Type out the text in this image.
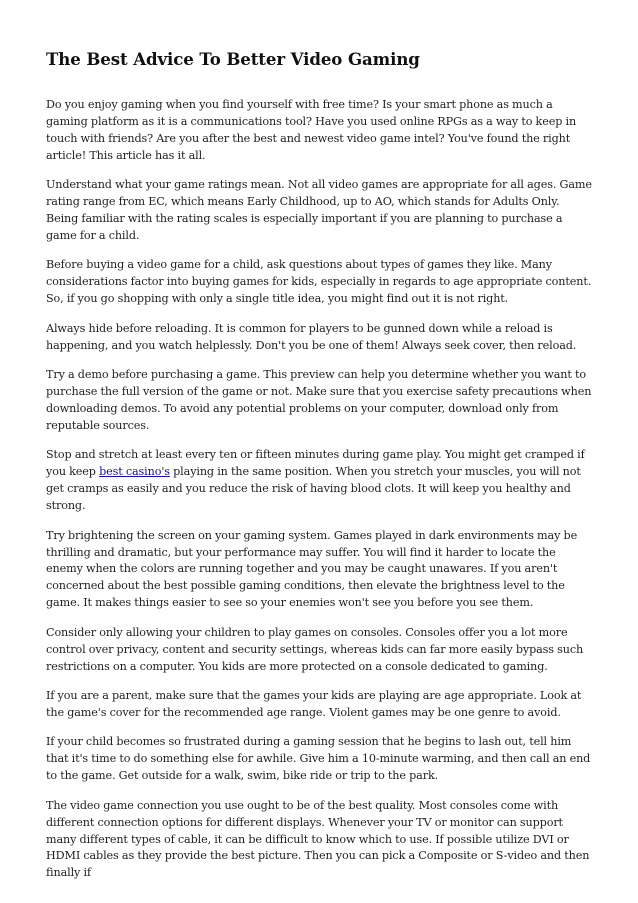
The Best Advice To Better Video Gaming

Do you enjoy gaming when you find yourself with free time? Is your smart phone as much a gaming platform as it is a communications tool? Have you used online RPGs as a way to keep in touch with friends? Are you after the best and newest video game intel? You've found the right article! This article has it all.

Understand what your game ratings mean. Not all video games are appropriate for all ages. Game rating range from EC, which means Early Childhood, up to AO, which stands for Adults Only. Being familiar with the rating scales is especially important if you are planning to purchase a game for a child.

Before buying a video game for a child, ask questions about types of games they like. Many considerations factor into buying games for kids, especially in regards to age appropriate content. So, if you go shopping with only a single title idea, you might find out it is not right.

Always hide before reloading. It is common for players to be gunned down while a reload is happening, and you watch helplessly. Don't you be one of them! Always seek cover, then reload.

Try a demo before purchasing a game. This preview can help you determine whether you want to purchase the full version of the game or not. Make sure that you exercise safety precautions when downloading demos. To avoid any potential problems on your computer, download only from reputable sources.

Stop and stretch at least every ten or fifteen minutes during game play. You might get cramped if you keep best casino's playing in the same position. When you stretch your muscles, you will not get cramps as easily and you reduce the risk of having blood clots. It will keep you healthy and strong.

Try brightening the screen on your gaming system. Games played in dark environments may be thrilling and dramatic, but your performance may suffer. You will find it harder to locate the enemy when the colors are running together and you may be caught unawares. If you aren't concerned about the best possible gaming conditions, then elevate the brightness level to the game. It makes things easier to see so your enemies won't see you before you see them.

Consider only allowing your children to play games on consoles. Consoles offer you a lot more control over privacy, content and security settings, whereas kids can far more easily bypass such restrictions on a computer. You kids are more protected on a console dedicated to gaming.

If you are a parent, make sure that the games your kids are playing are age appropriate. Look at the game's cover for the recommended age range. Violent games may be one genre to avoid.

If your child becomes so frustrated during a gaming session that he begins to lash out, tell him that it's time to do something else for awhile. Give him a 10-minute warming, and then call an end to the game. Get outside for a walk, swim, bike ride or trip to the park.

The video game connection you use ought to be of the best quality. Most consoles come with different connection options for different displays. Whenever your TV or monitor can support many different types of cable, it can be difficult to know which to use. If possible utilize DVI or HDMI cables as they provide the best picture. Then you can pick a Composite or S-video and then finally if
